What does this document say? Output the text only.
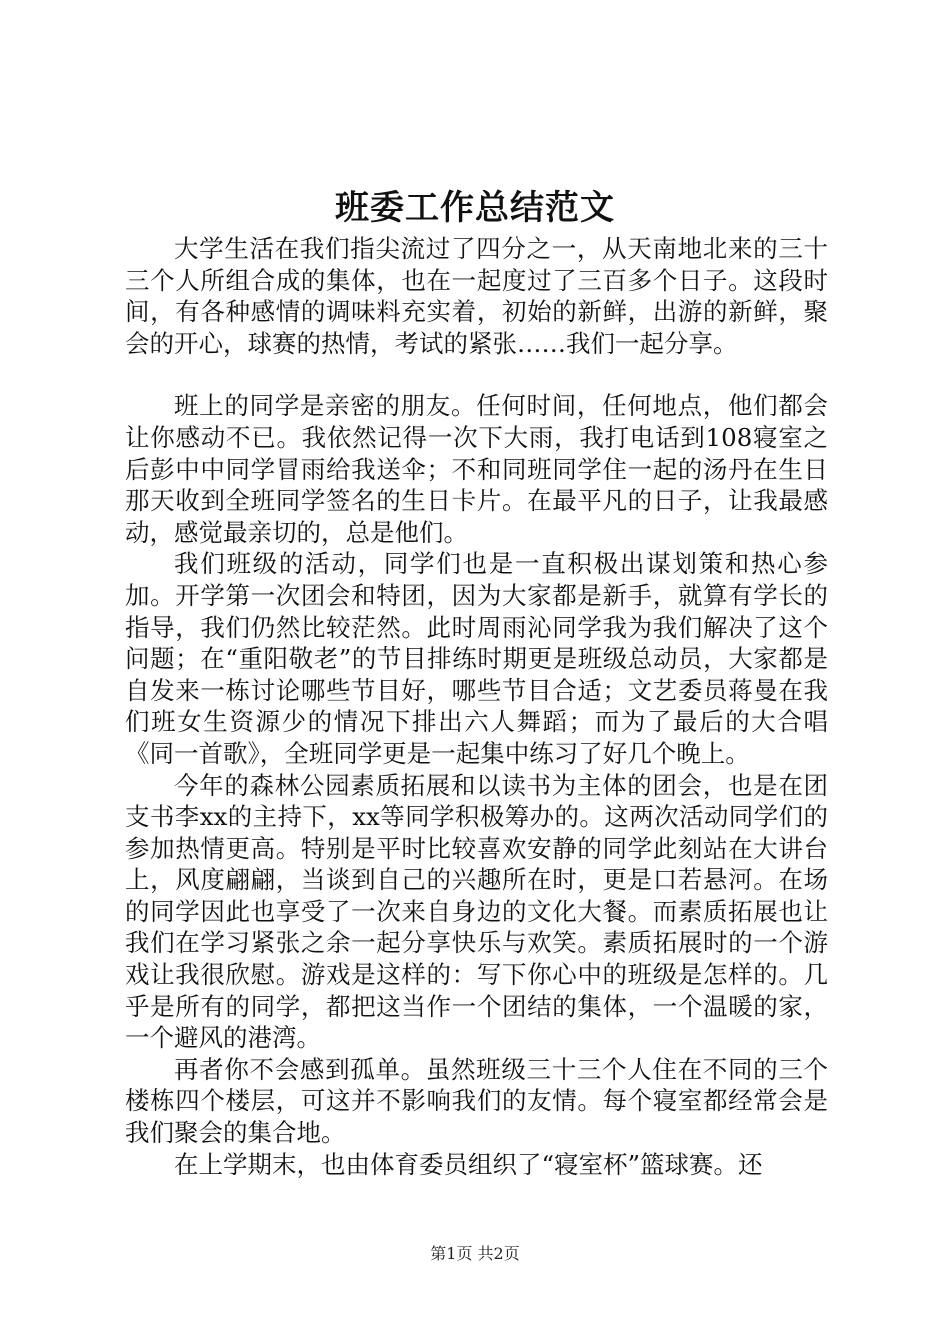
班委工作总结范文

大学生活在我们指尖流过了四分之一，从天南地北来的三十三个人所组合成的集体，也在一起度过了三百多个日子。这段时间，有各种感情的调味料充实着，初始的新鲜，出游的新鲜，聚会的开心，球赛的热情，考试的紧张……我们一起分享。

班上的同学是亲密的朋友。任何时间，任何地点，他们都会让你感动不已。我依然记得一次下大雨，我打电话到108寝室之后彭中中同学冒雨给我送伞；不和同班同学住一起的汤丹在生日那天收到全班同学签名的生日卡片。在最平凡的日子，让我最感动，感觉最亲切的，总是他们。

我们班级的活动，同学们也是一直积极出谋划策和热心参加。开学第一次团会和特团，因为大家都是新手，就算有学长的指导，我们仍然比较茫然。此时周雨沁同学我为我们解决了这个问题；在“重阳敬老”的节目排练时期更是班级总动员，大家都是自发来一栋讨论哪些节目好，哪些节目合适；文艺委员蒋曼在我们班女生资源少的情况下排出六人舞蹈；而为了最后的大合唱《同一首歌》，全班同学更是一起集中练习了好几个晚上。

今年的森林公园素质拓展和以读书为主体的团会，也是在团支书李xx的主持下，xx等同学积极筹办的。这两次活动同学们的参加热情更高。特别是平时比较喜欢安静的同学此刻站在大讲台上，风度翩翩，当谈到自己的兴趣所在时，更是口若悬河。在场的同学因此也享受了一次来自身边的文化大餐。而素质拓展也让我们在学习紧张之余一起分享快乐与欢笑。素质拓展时的一个游戏让我很欣慰。游戏是这样的：写下你心中的班级是怎样的。几乎是所有的同学，都把这当作一个团结的集体，一个温暖的家，一个避风的港湾。

再者你不会感到孤单。虽然班级三十三个人住在不同的三个楼栋四个楼层，可这并不影响我们的友情。每个寝室都经常会是我们聚会的集合地。

在上学期末，也由体育委员组织了“寝室杯”篮球赛。还

第1页 共2页
